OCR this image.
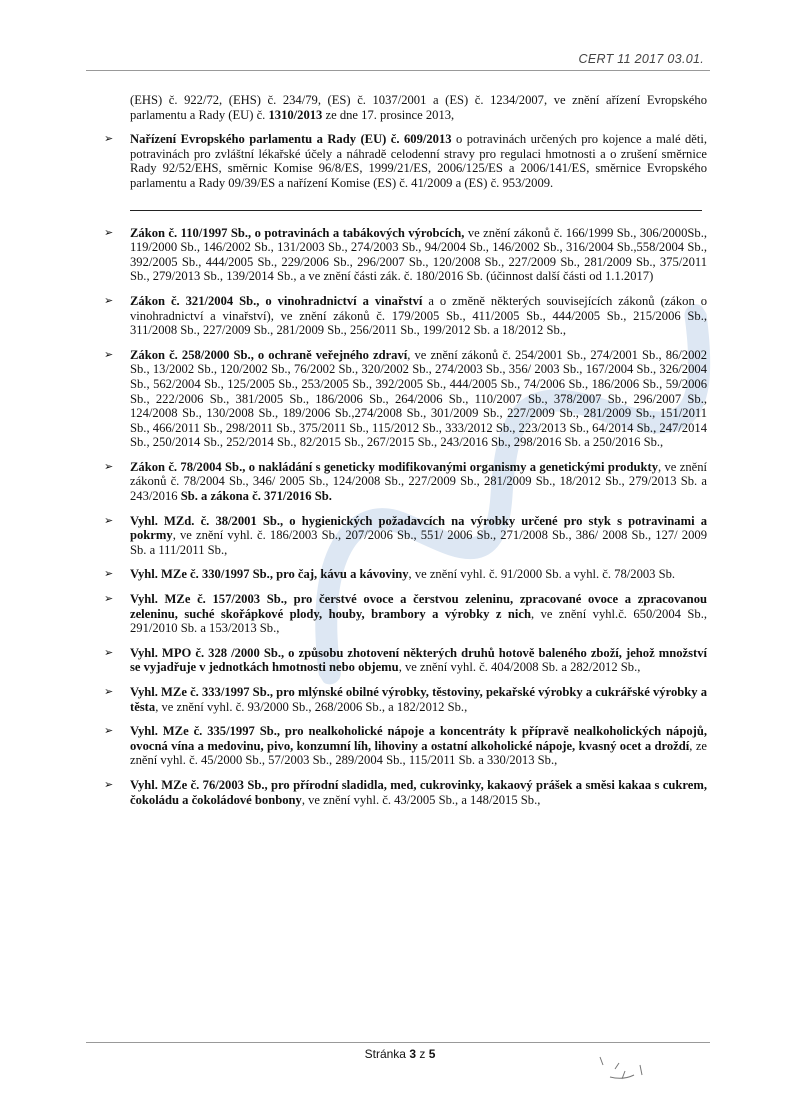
CERT 11 2017 03.01.
(EHS) č. 922/72, (EHS) č. 234/79, (ES) č. 1037/2001 a (ES) č. 1234/2007, ve znění ařízení Evropského parlamentu a Rady (EU) č. 1310/2013 ze dne 17. prosince 2013,
➢ Nařízení Evropského parlamentu a Rady (EU) č. 609/2013 o potravinách určených pro kojence a malé děti, potravinách pro zvláštní lékařské účely a náhradě celodenní stravy pro regulaci hmotnosti a o zrušení směrnice Rady 92/52/EHS, směrnic Komise 96/8/ES, 1999/21/ES, 2006/125/ES a 2006/141/ES, směrnice Evropského parlamentu a Rady 09/39/ES a nařízení Komise (ES) č. 41/2009 a (ES) č. 953/2009.
➢ Zákon č. 110/1997 Sb., o potravinách a tabákových výrobcích, ve znění zákonů č. 166/1999 Sb., 306/2000Sb., 119/2000 Sb., 146/2002 Sb., 131/2003 Sb., 274/2003 Sb., 94/2004 Sb., 146/2002 Sb., 316/2004 Sb.,558/2004 Sb., 392/2005 Sb., 444/2005 Sb., 229/2006 Sb., 296/2007 Sb., 120/2008 Sb., 227/2009 Sb., 281/2009 Sb., 375/2011 Sb., 279/2013 Sb., 139/2014 Sb., a ve znění části zák. č. 180/2016 Sb. (účinnost další části od 1.1.2017)
➢ Zákon č. 321/2004 Sb., o vinohradnictví a vinařství a o změně některých souvisejících zákonů (zákon o vinohradnictví a vinařství), ve znění zákonů č. 179/2005 Sb., 411/2005 Sb., 444/2005 Sb., 215/2006 Sb., 311/2008 Sb., 227/2009 Sb., 281/2009 Sb., 256/2011 Sb., 199/2012 Sb. a 18/2012 Sb.,
➢ Zákon č. 258/2000 Sb., o ochraně veřejného zdraví, ve znění zákonů č. 254/2001 Sb., 274/2001 Sb., 86/2002 Sb., 13/2002 Sb., 120/2002 Sb., 76/2002 Sb., 320/2002 Sb., 274/2003 Sb., 356/ 2003 Sb., 167/2004 Sb., 326/2004 Sb., 562/2004 Sb., 125/2005 Sb., 253/2005 Sb., 392/2005 Sb., 444/2005 Sb., 74/2006 Sb., 186/2006 Sb., 59/2006 Sb., 222/2006 Sb., 381/2005 Sb., 186/2006 Sb., 264/2006 Sb., 110/2007 Sb., 378/2007 Sb., 296/2007 Sb., 124/2008 Sb., 130/2008 Sb., 189/2006 Sb.,274/2008 Sb., 301/2009 Sb., 227/2009 Sb., 281/2009 Sb., 151/2011 Sb., 466/2011 Sb., 298/2011 Sb., 375/2011 Sb., 115/2012 Sb., 333/2012 Sb., 223/2013 Sb., 64/2014 Sb., 247/2014 Sb., 250/2014 Sb., 252/2014 Sb., 82/2015 Sb., 267/2015 Sb., 243/2016 Sb., 298/2016 Sb. a 250/2016 Sb.,
➢ Zákon č. 78/2004 Sb., o nakládání s geneticky modifikovanými organismy a genetickými produkty, ve znění zákonů č. 78/2004 Sb., 346/ 2005 Sb., 124/2008 Sb., 227/2009 Sb., 281/2009 Sb., 18/2012 Sb., 279/2013 Sb. a 243/2016 Sb. a zákona č. 371/2016 Sb.
➢ Vyhl. MZd. č. 38/2001 Sb., o hygienických požadavcích na výrobky určené pro styk s potravinami a pokrmy, ve znění vyhl. č. 186/2003 Sb., 207/2006 Sb., 551/ 2006 Sb., 271/2008 Sb., 386/ 2008 Sb., 127/ 2009 Sb. a 111/2011 Sb.,
➢ Vyhl. MZe č. 330/1997 Sb., pro čaj, kávu a kávoviny, ve znění vyhl. č. 91/2000 Sb. a vyhl. č. 78/2003 Sb.
➢ Vyhl. MZe č. 157/2003 Sb., pro čerstvé ovoce a čerstvou zeleninu, zpracované ovoce a zpracovanou zeleninu, suché skořápkové plody, houby, brambory a výrobky z nich, ve znění vyhl.č. 650/2004 Sb., 291/2010 Sb. a 153/2013 Sb.,
➢ Vyhl. MPO č. 328 /2000 Sb., o způsobu zhotovení některých druhů hotově baleného zboží, jehož množství se vyjadřuje v jednotkách hmotnosti nebo objemu, ve znění vyhl. č. 404/2008 Sb. a 282/2012 Sb.,
➢ Vyhl. MZe č. 333/1997 Sb., pro mlýnské obilné výrobky, těstoviny, pekařské výrobky a cukrářské výrobky a těsta, ve znění vyhl. č. 93/2000 Sb., 268/2006 Sb., a 182/2012 Sb.,
➢ Vyhl. MZe č. 335/1997 Sb., pro nealkoholické nápoje a koncentráty k přípravě nealkoholických nápojů, ovocná vína a medovinu, pivo, konzumní líh, lihoviny a ostatní alkoholické nápoje, kvasný ocet a droždí, ze znění vyhl. č. 45/2000 Sb., 57/2003 Sb., 289/2004 Sb., 115/2011 Sb. a 330/2013 Sb.,
➢ Vyhl. MZe č. 76/2003 Sb., pro přírodní sladidla, med, cukrovinky, kakaový prášek a směsi kakaa s cukrem, čokoládu a čokoládové bonbony, ve znění vyhl. č. 43/2005 Sb., a 148/2015 Sb.,
Stránka 3 z 5
